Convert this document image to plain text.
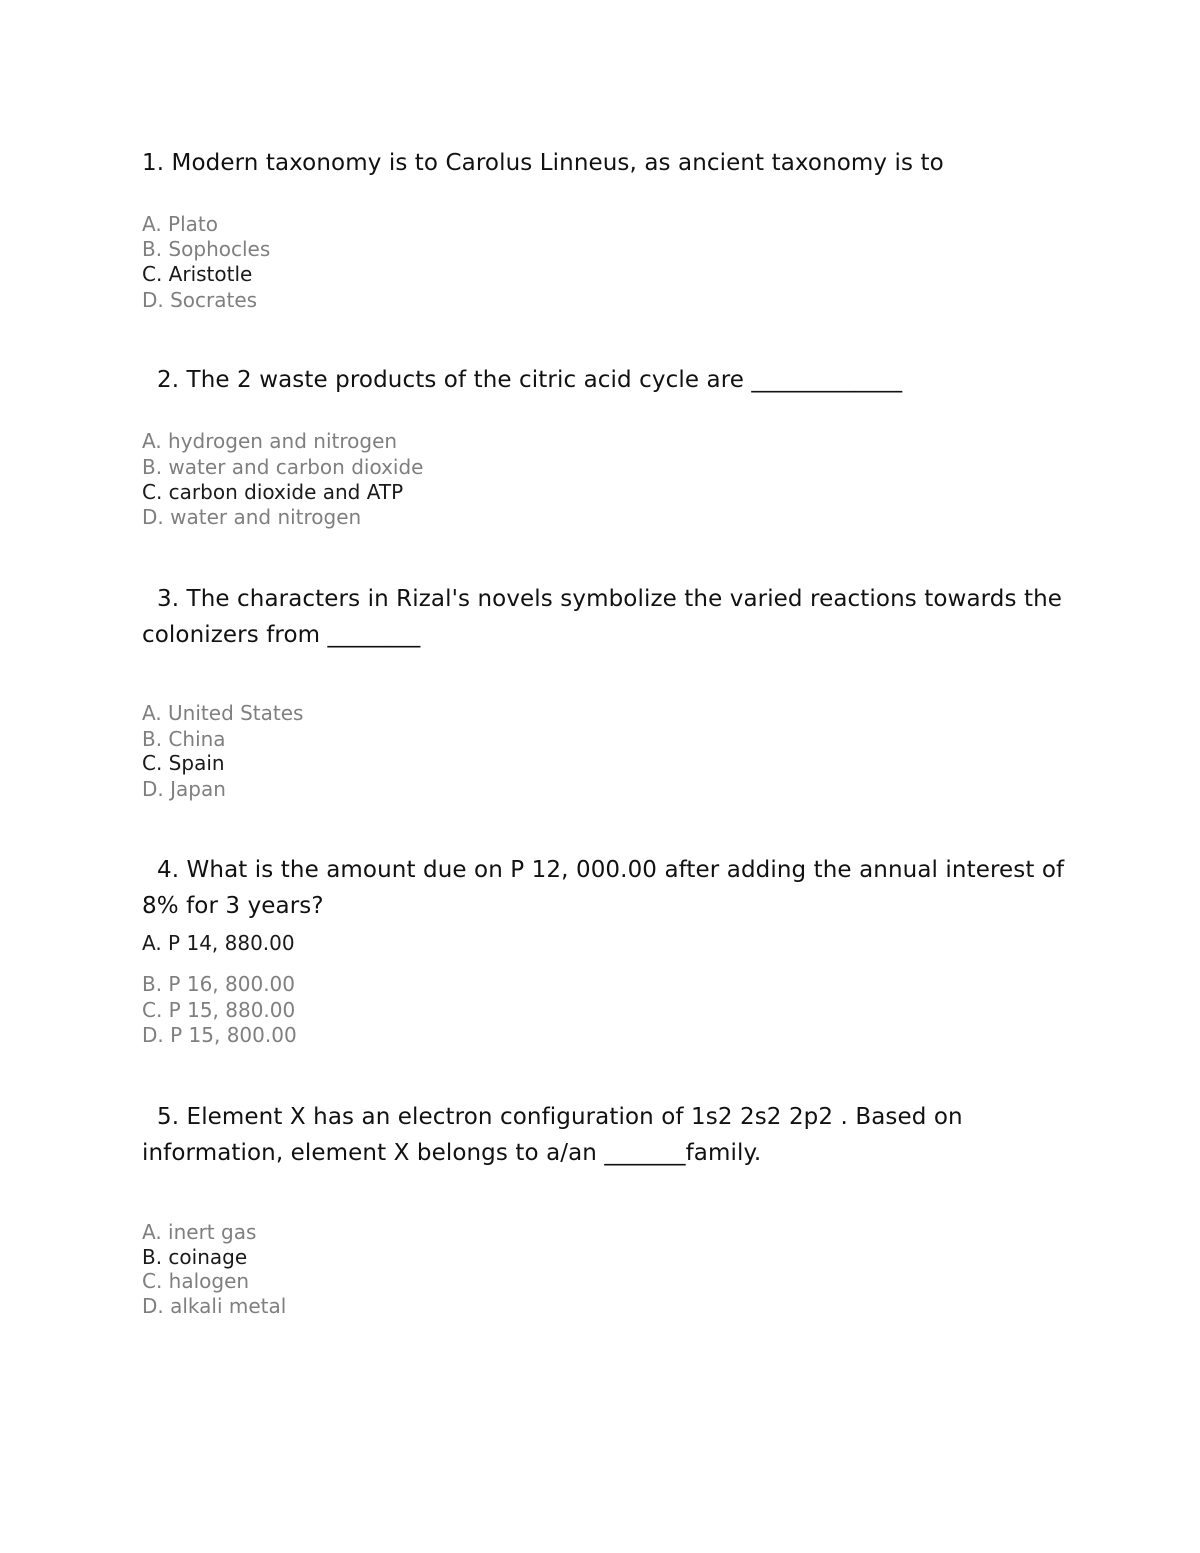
1. Modern taxonomy is to Carolus Linneus, as ancient taxonomy is to
A. Plato
B. Sophocles
C. Aristotle
D. Socrates
2. The 2 waste products of the citric acid cycle are _____________
A. hydrogen and nitrogen
B. water and carbon dioxide
C. carbon dioxide and ATP
D. water and nitrogen
3. The characters in Rizal's novels symbolize the varied reactions towards the colonizers from ________
A. United States
B. China
C. Spain
D. Japan
4. What is the amount due on P 12, 000.00 after adding the annual interest of 8% for 3 years?
A. P 14, 880.00
B. P 16, 800.00
C. P 15, 880.00
D. P 15, 800.00
5. Element X has an electron configuration of 1s2 2s2 2p2 . Based on information, element X belongs to a/an _______family.
A. inert gas
B. coinage
C. halogen
D. alkali metal
